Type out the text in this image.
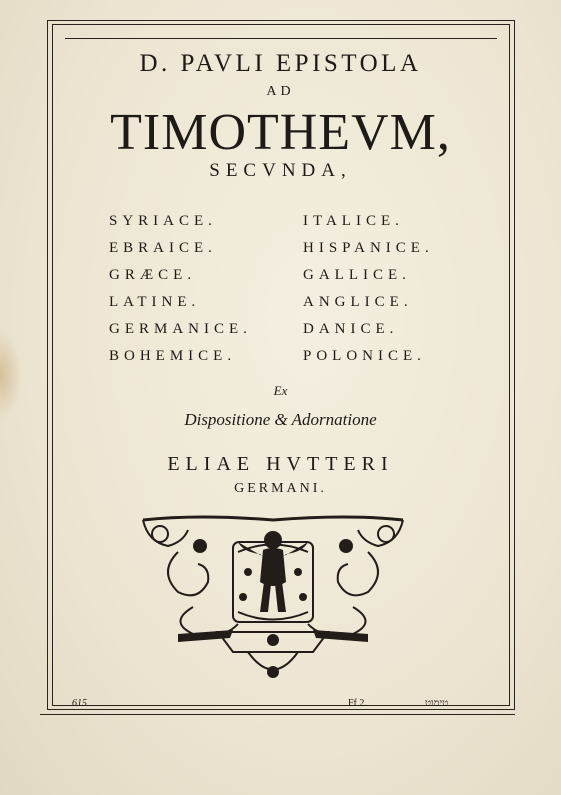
D. PAVLI EPISTOLA
AD
TIMOTHEVM,
SECVNDA,
SYRIACE.
EBRAICE.
GRÆCE.
LATINE.
GERMANICE.
BOHEMICE.
ITALICE.
HISPANICE.
GALLICE.
ANGLICE.
DANICE.
POLONICE.
Ex
Dispositione & Adornatione
ELIAE HVTTERI
GERMANI.
615	Ff 2.	טימוט
